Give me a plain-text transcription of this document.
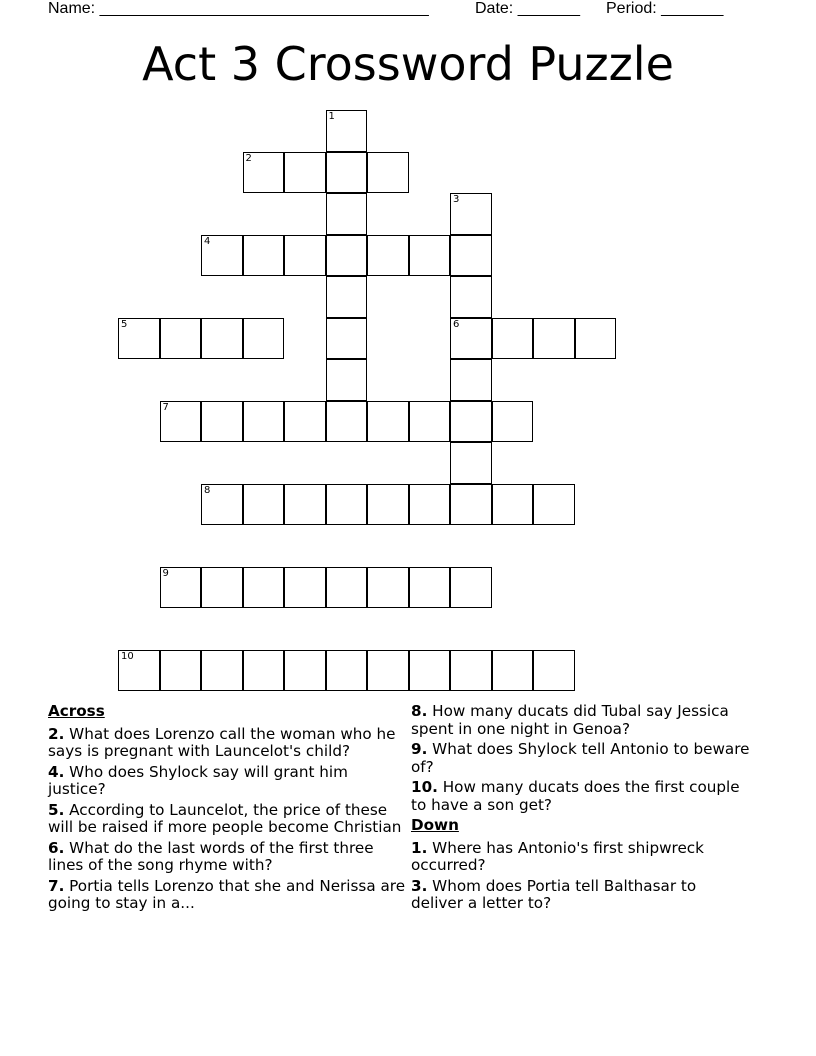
Name: _____________________________________	Date: _______ Period: _______
Act 3 Crossword Puzzle
2
4
5	6
7
8
9
10
1
3
Across
2. What does Lorenzo call the woman who he says is pregnant with Launcelot's child?
4. Who does Shylock say will grant him justice?
5. According to Launcelot, the price of these will be raised if more people become Christian
6. What do the last words of the first three lines of the song rhyme with?
7. Portia tells Lorenzo that she and Nerissa are going to stay in a...
8. How many ducats did Tubal say Jessica spent in one night in Genoa?
9. What does Shylock tell Antonio to beware of?
10. How many ducats does the first couple to have a son get?
Down
1. Where has Antonio's first shipwreck occurred?
3. Whom does Portia tell Balthasar to deliver a letter to?
